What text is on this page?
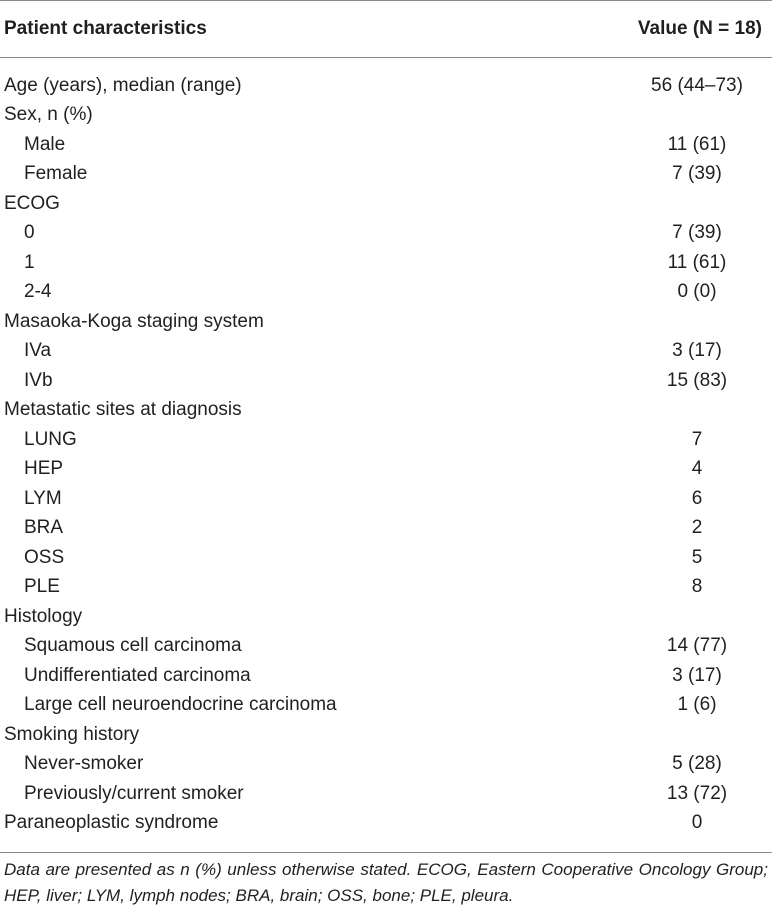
Patient characteristics	Value (N = 18)
Age (years), median (range)	56 (44–73)
Sex, n (%)
Male	11 (61)
Female	7 (39)
ECOG
0	7 (39)
1	11 (61)
2-4	0 (0)
Masaoka-Koga staging system
IVa	3 (17)
IVb	15 (83)
Metastatic sites at diagnosis
LUNG	7
HEP	4
LYM	6
BRA	2
OSS	5
PLE	8
Histology
Squamous cell carcinoma	14 (77)
Undifferentiated carcinoma	3 (17)
Large cell neuroendocrine carcinoma	1 (6)
Smoking history
Never-smoker	5 (28)
Previously/current smoker	13 (72)
Paraneoplastic syndrome	0
Data are presented as n (%) unless otherwise stated. ECOG, Eastern Cooperative Oncology Group; HEP, liver; LYM, lymph nodes; BRA, brain; OSS, bone; PLE, pleura.
